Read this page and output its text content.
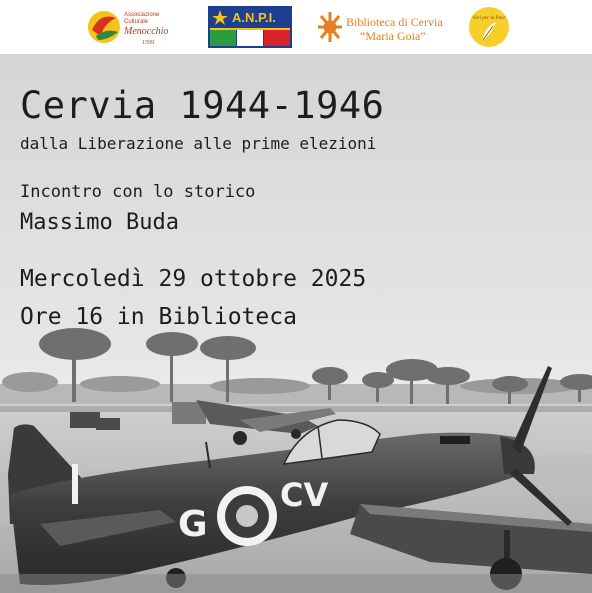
Associazione
Culturale
Menocchio
1599
A.N.P.I.	Biblioteca di Cervia
“Maria Goia”
Voci per la Pace
G
CV
Cervia 1944-1946
dalla Liberazione alle prime elezioni
Incontro con lo storico
Massimo Buda
Mercoledì 29 ottobre 2025
Ore 16 in Biblioteca
